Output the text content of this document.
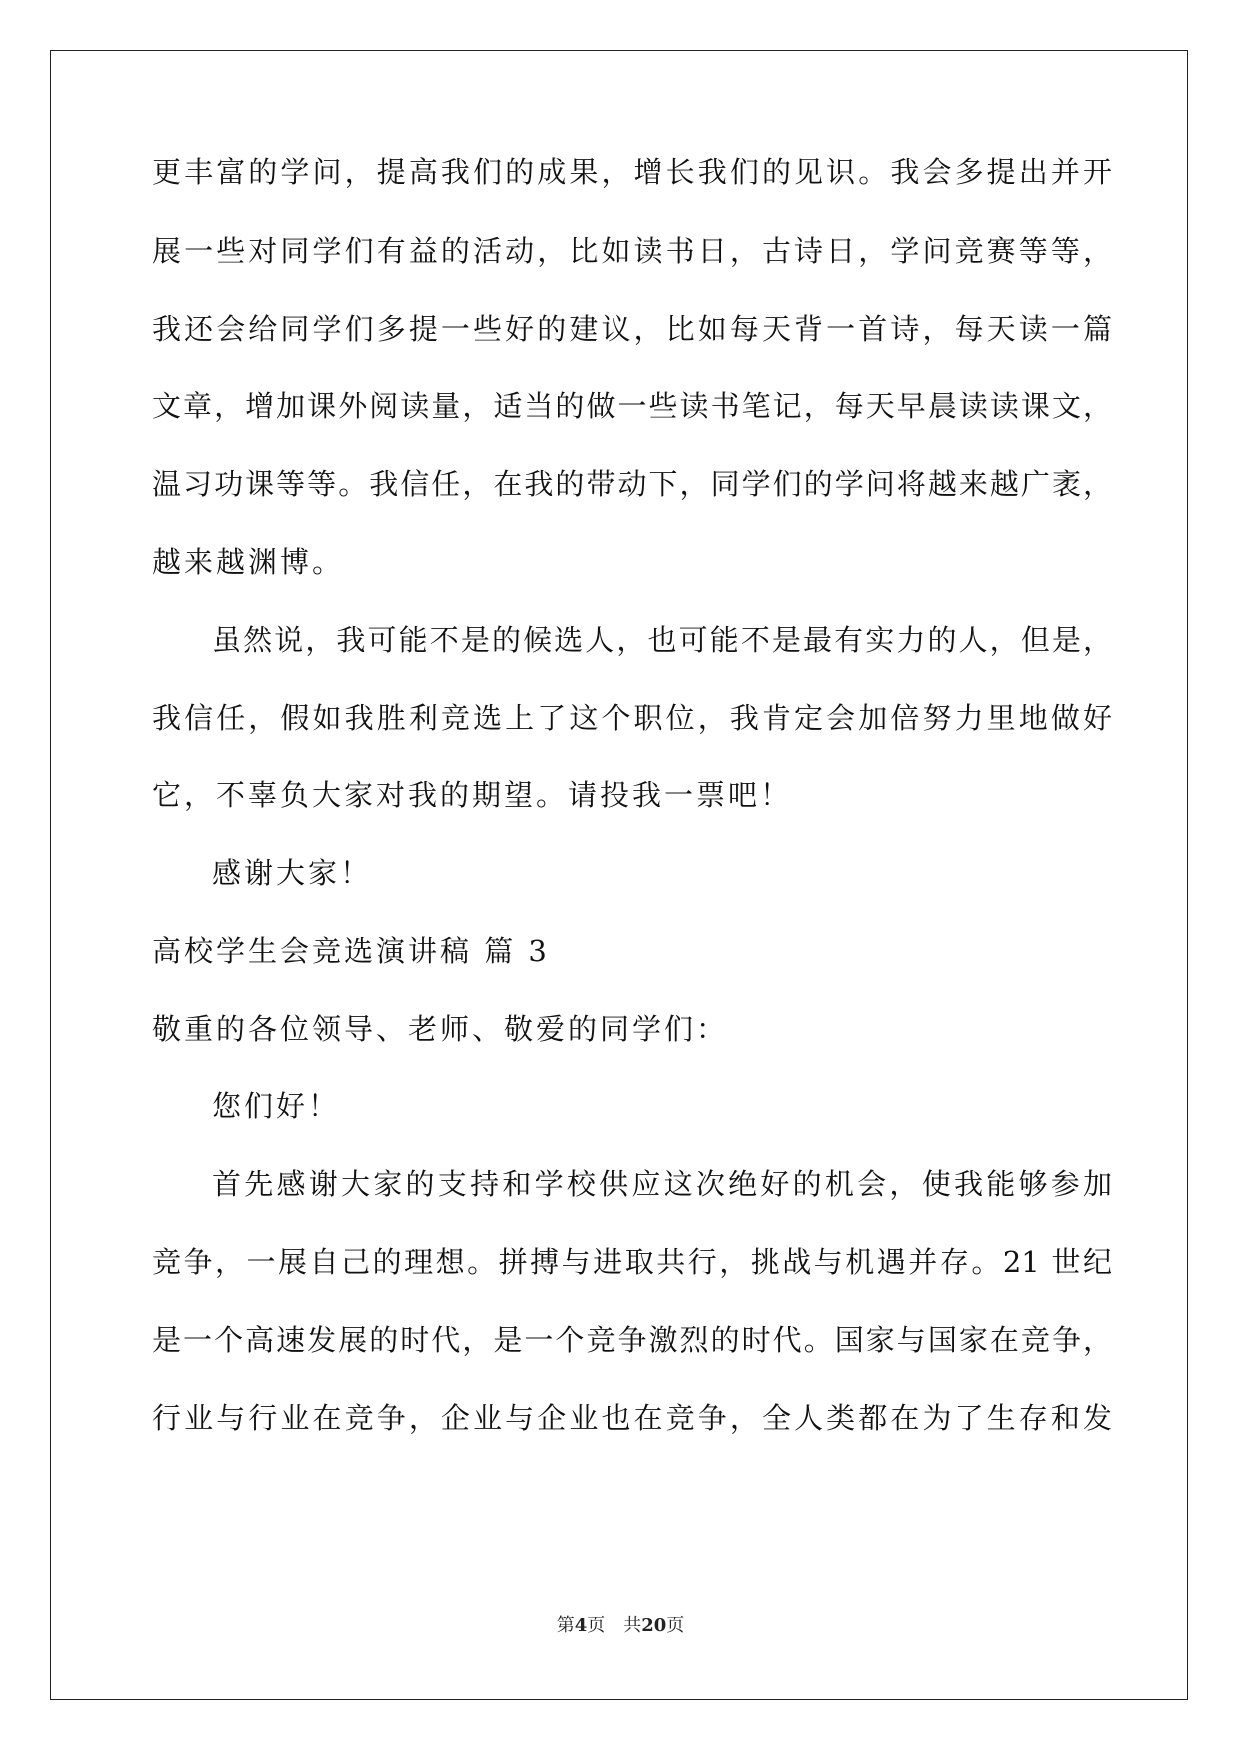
更丰富的学问，提高我们的成果，增长我们的见识。我会多提出并开
展一些对同学们有益的活动，比如读书日，古诗日，学问竞赛等等，
我还会给同学们多提一些好的建议，比如每天背一首诗，每天读一篇
文章，增加课外阅读量，适当的做一些读书笔记，每天早晨读读课文，
温习功课等等。我信任，在我的带动下，同学们的学问将越来越广袤，
越来越渊博。
虽然说，我可能不是的候选人，也可能不是最有实力的人，但是，
我信任，假如我胜利竞选上了这个职位，我肯定会加倍努力里地做好
它，不辜负大家对我的期望。请投我一票吧！
感谢大家！
高校学生会竞选演讲稿 篇 3
敬重的各位领导、老师、敬爱的同学们：
您们好！
首先感谢大家的支持和学校供应这次绝好的机会，使我能够参加
竞争，一展自己的理想。拼搏与进取共行，挑战与机遇并存。21 世纪
是一个高速发展的时代，是一个竞争激烈的时代。国家与国家在竞争，
行业与行业在竞争，企业与企业也在竞争，全人类都在为了生存和发
第4页 共20页
